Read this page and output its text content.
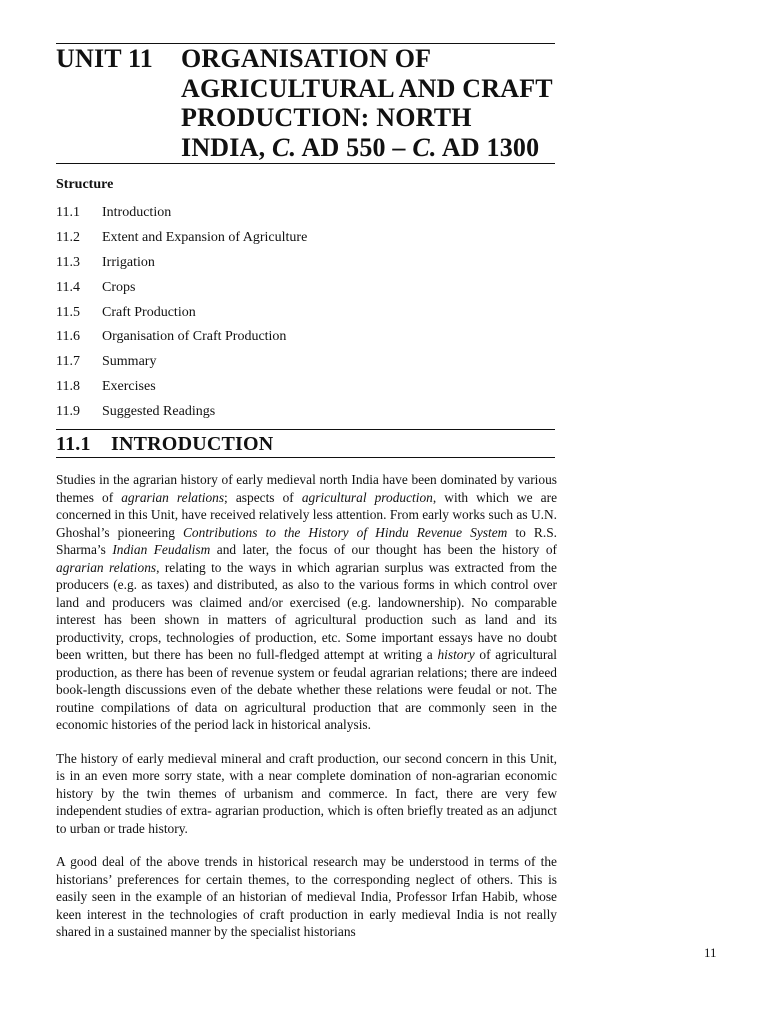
UNIT 11 ORGANISATION OF
AGRICULTURAL AND CRAFT
PRODUCTION: NORTH
INDIA, C. AD 550 – C. AD 1300
Structure
11.1 Introduction
11.2 Extent and Expansion of Agriculture
11.3 Irrigation
11.4 Crops
11.5 Craft Production
11.6 Organisation of Craft Production
11.7 Summary
11.8 Exercises
11.9 Suggested Readings
11.1 INTRODUCTION

Studies in the agrarian history of early medieval north India have been dominated by various themes of agrarian relations; aspects of agricultural production, with which we are concerned in this Unit, have received relatively less attention. From early works such as U.N. Ghoshal’s pioneering Contributions to the History of Hindu Revenue System to R.S. Sharma’s Indian Feudalism and later, the focus of our thought has been the history of agrarian relations, relating to the ways in which agrarian surplus was extracted from the producers (e.g. as taxes) and distributed, as also to the various forms in which control over land and producers was claimed and/or exercised (e.g. landownership). No comparable interest has been shown in matters of agricultural production such as land and its productivity, crops, technologies of production, etc. Some important essays have no doubt been written, but there has been no full-fledged attempt at writing a history of agricultural production, as there has been of revenue system or feudal agrarian relations; there are indeed book-length discussions even of the debate whether these relations were feudal or not. The routine compilations of data on agricultural production that are commonly seen in the economic histories of the period lack in historical analysis.

The history of early medieval mineral and craft production, our second concern in this Unit, is in an even more sorry state, with a near complete domination of non-agrarian economic history by the twin themes of urbanism and commerce. In fact, there are very few independent studies of extra- agrarian production, which is often briefly treated as an adjunct to urban or trade history.

A good deal of the above trends in historical research may be understood in terms of the historians’ preferences for certain themes, to the corresponding neglect of others. This is easily seen in the example of an historian of medieval India, Professor Irfan Habib, whose keen interest in the technologies of craft production in early medieval India is not really shared in a sustained manner by the specialist historians

11
